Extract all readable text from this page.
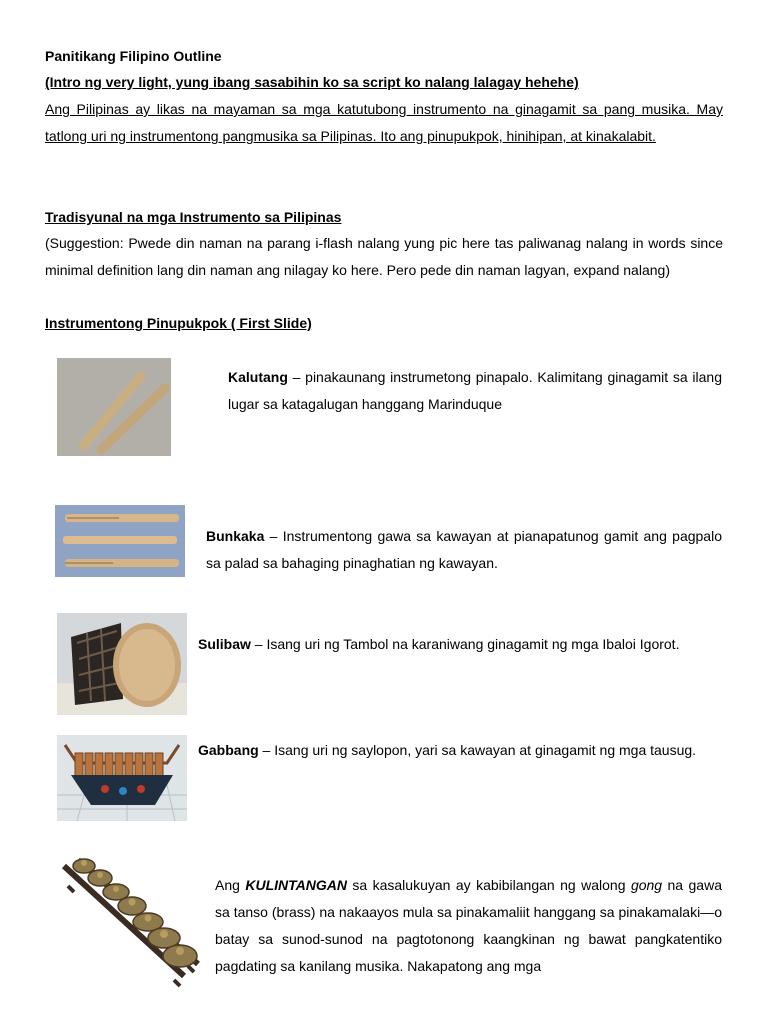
Panitikang Filipino Outline
(Intro ng very light, yung ibang sasabihin ko sa script ko nalang lalagay hehehe)
Ang Pilipinas ay likas na mayaman sa mga katutubong instrumento na ginagamit sa pang musika. May tatlong uri ng instrumentong pangmusika sa Pilipinas. Ito ang pinupukpok, hinihipan, at kinakalabit.
Tradisyunal na mga Instrumento sa Pilipinas
(Suggestion: Pwede din naman na parang i-flash nalang yung pic here tas paliwanag nalang in words since minimal definition lang din naman ang nilagay ko here. Pero pede din naman lagyan, expand nalang)
Instrumentong Pinupukpok ( First Slide)
Kalutang – pinakaunang instrumetong pinapalo. Kalimitang ginagamit sa ilang lugar sa katagalugan hanggang Marinduque
Bunkaka – Instrumentong gawa sa kawayan at pianapatunog gamit ang pagpalo sa palad sa bahaging pinaghatian ng kawayan.
Sulibaw – Isang uri ng Tambol na karaniwang ginagamit ng mga Ibaloi Igorot.
Gabbang – Isang uri ng saylopon, yari sa kawayan at ginagamit ng mga tausug.
Ang KULINTANGAN sa kasalukuyan ay kabibilangan ng walong gong na gawa sa tanso (brass) na nakaayos mula sa pinakamaliit hanggang sa pinakamalaki—o batay sa sunod-sunod na pagtotonong kaangkinan ng bawat pangkatentiko pagdating sa kanilang musika. Nakapatong ang mga
